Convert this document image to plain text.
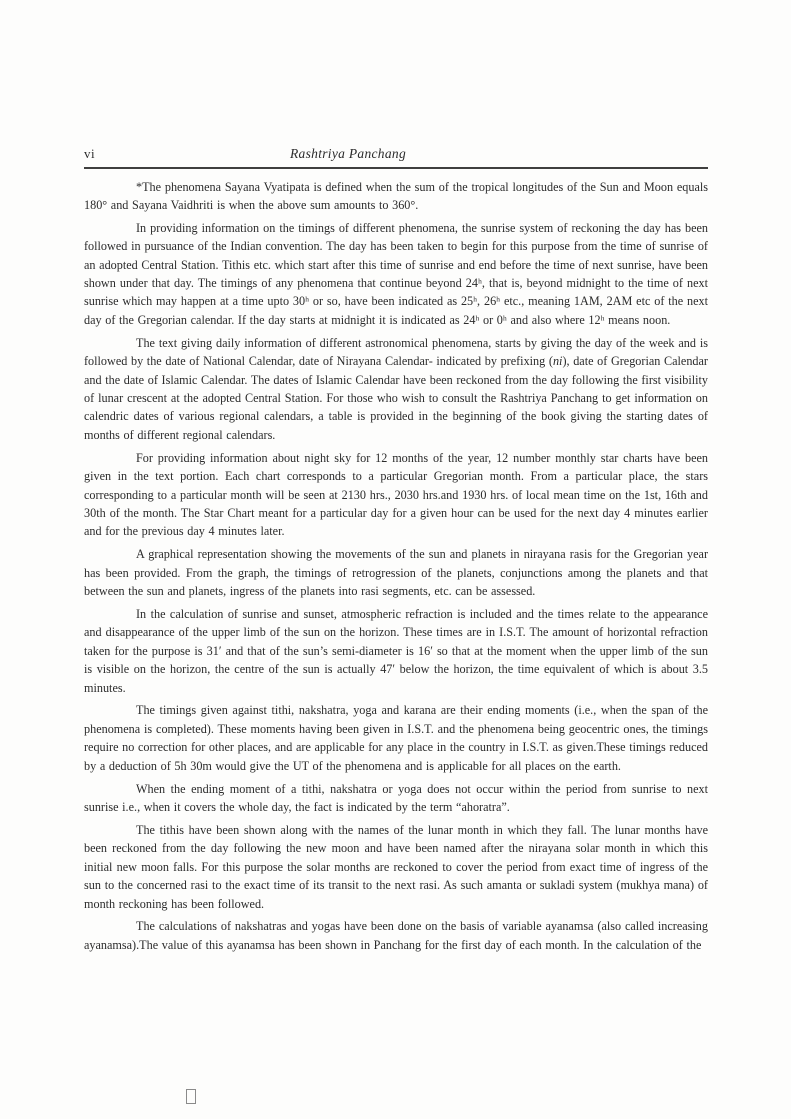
vi	Rashtriya Panchang

*The phenomena Sayana Vyatipata is defined when the sum of the tropical longitudes of the Sun and Moon equals 180° and Sayana Vaidhriti is when the above sum amounts to 360°.

In providing information on the timings of different phenomena, the sunrise system of reckoning the day has been followed in pursuance of the Indian convention. The day has been taken to begin for this purpose from the time of sunrise of an adopted Central Station. Tithis etc. which start after this time of sunrise and end before the time of next sunrise, have been shown under that day. The timings of any phenomena that continue beyond 24ʰ, that is, beyond midnight to the time of next sunrise which may happen at a time upto 30ʰ or so, have been indicated as 25ʰ, 26ʰ etc., meaning 1AM, 2AM etc of the next day of the Gregorian calendar. If the day starts at midnight it is indicated as 24ʰ or 0ʰ and also where 12ʰ means noon.

The text giving daily information of different astronomical phenomena, starts by giving the day of the week and is followed by the date of National Calendar, date of Nirayana Calendar- indicated by prefixing (ni), date of Gregorian Calendar and the date of Islamic Calendar. The dates of Islamic Calendar have been reckoned from the day following the first visibility of lunar crescent at the adopted Central Station. For those who wish to consult the Rashtriya Panchang to get information on calendric dates of various regional calendars, a table is provided in the beginning of the book giving the starting dates of months of different regional calendars.

For providing information about night sky for 12 months of the year, 12 number monthly star charts have been given in the text portion. Each chart corresponds to a particular Gregorian month. From a particular place, the stars corresponding to a particular month will be seen at 2130 hrs., 2030 hrs.and 1930 hrs. of local mean time on the 1st, 16th and 30th of the month. The Star Chart meant for a particular day for a given hour can be used for the next day 4 minutes earlier and for the previous day 4 minutes later.

A graphical representation showing the movements of the sun and planets in nirayana rasis for the Gregorian year has been provided. From the graph, the timings of retrogression of the planets, conjunctions among the planets and that between the sun and planets, ingress of the planets into rasi segments, etc. can be assessed.

In the calculation of sunrise and sunset, atmospheric refraction is included and the times relate to the appearance and disappearance of the upper limb of the sun on the horizon. These times are in I.S.T. The amount of horizontal refraction taken for the purpose is 31′ and that of the sun’s semi-diameter is 16′ so that at the moment when the upper limb of the sun is visible on the horizon, the centre of the sun is actually 47′ below the horizon, the time equivalent of which is about 3.5 minutes.

The timings given against tithi, nakshatra, yoga and karana are their ending moments (i.e., when the span of the phenomena is completed). These moments having been given in I.S.T. and the phenomena being geocentric ones, the timings require no correction for other places, and are applicable for any place in the country in I.S.T. as given.These timings reduced by a deduction of 5h 30m would give the UT of the phenomena and is applicable for all places on the earth.

When the ending moment of a tithi, nakshatra or yoga does not occur within the period from sunrise to next sunrise i.e., when it covers the whole day, the fact is indicated by the term “ahoratra”.

The tithis have been shown along with the names of the lunar month in which they fall. The lunar months have been reckoned from the day following the new moon and have been named after the nirayana solar month in which this initial new moon falls. For this purpose the solar months are reckoned to cover the period from exact time of ingress of the sun to the concerned rasi to the exact time of its transit to the next rasi. As such amanta or sukladi system (mukhya mana) of month reckoning has been followed.

The calculations of nakshatras and yogas have been done on the basis of variable ayanamsa (also called increasing ayanamsa).The value of this ayanamsa has been shown in Panchang for the first day of each month. In the calculation of the
